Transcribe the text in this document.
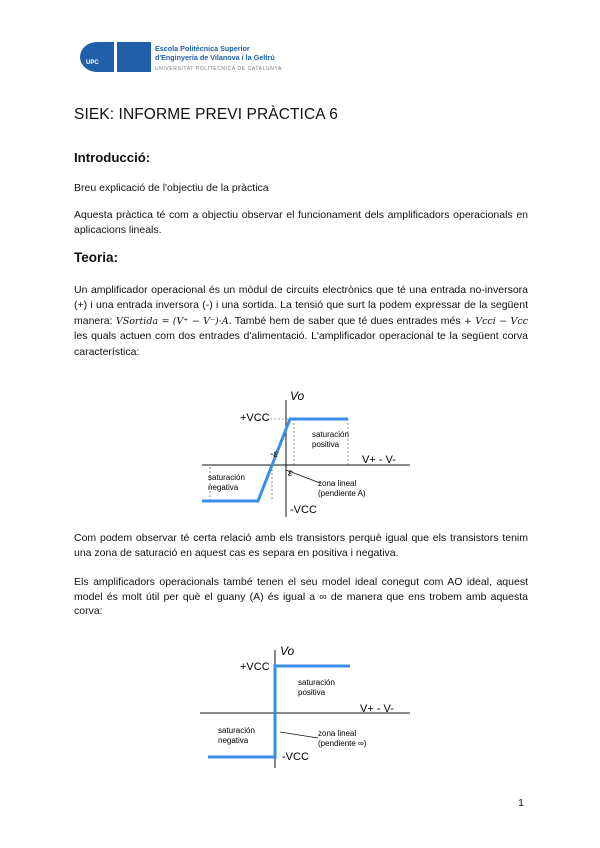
Escola Politècnica Superior
d'Enginyeria de Vilanova i la Geltrú
UNIVERSITAT POLITÈCNICA DE CATALUNYA
UPC
SIEK: INFORME PREVI PRÀCTICA 6
Introducció:

Breu explicació de l'objectiu de la pràctica

Aquesta pràctica té com a objectiu observar el funcionament dels amplificadors operacionals en aplicacions lineals.

Teoria:

Un amplificador operacional és un mòdul de circuits electrònics que té una entrada no-inversora (+) i una entrada inversora (-) i una sortida. La tensió que surt la podem expressar de la següent manera: VSortida = (V⁺ − V⁻)·A. També hem de saber que té dues entrades més + Vcci − Vcc les quals actuen com dos entrades d'alimentació. L'amplificador operacional te la següent corva característica:

Vo
+VCC
-VCC
-ε
ε
V+ - V-
saturación positiva
saturación negativa	zona lineal (pendiente A)

Com podem observar té certa relació amb els transistors perquè igual que els transistors tenim una zona de saturació en aquest cas es separa en positiva i negativa.

Els amplificadors operacionals també tenen el seu model ideal conegut com AO ideal, aquest model és molt útil per què el guany (A) és igual a ∞ de manera que ens trobem amb aquesta corva:

Vo
+VCC
-VCC
V+ - V-
saturación positiva
saturación negativa
zona lineal (pendiente ∞)
1
